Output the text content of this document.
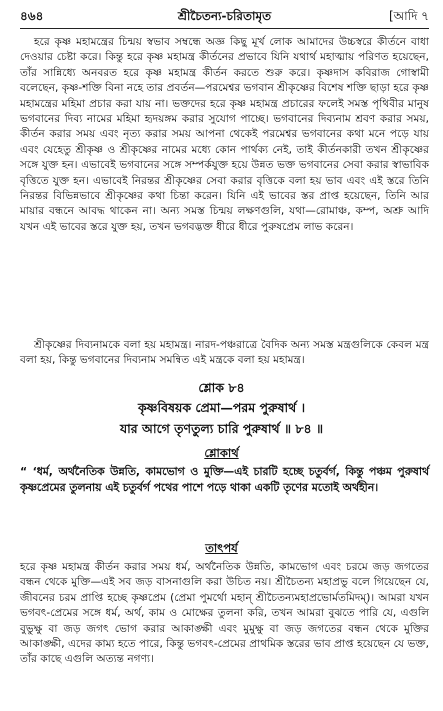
৪৬৪	শ্রীচৈতন্য-চরিতামৃত	[আদি ৭

হরে কৃষ্ণ মহামন্ত্রের চিন্ময় স্বভাব সম্বন্ধে অজ্ঞ কিছু মূর্খ লোক আমাদের উচ্চস্বরে কীর্তনে বাধা দেওয়ার চেষ্টা করে। কিন্তু হরে কৃষ্ণ মহামন্ত্র কীর্তনের প্রভাবে যিনি যথার্থ মহাত্মায় পরিণত হয়েছেন, তাঁর সান্নিধ্যে অনবরত হরে কৃষ্ণ মহামন্ত্র কীর্তন করতে শুরু করে। কৃষ্ণদাস কবিরাজ গোস্বামী বলেছেন, কৃষ্ণ-শক্তি বিনা নহে তার প্রবর্তন—পরমেশ্বর ভগবান শ্রীকৃষ্ণের বিশেষ শক্তি ছাড়া হরে কৃষ্ণ মহামন্ত্রের মহিমা প্রচার করা যায় না। ভক্তদের হরে কৃষ্ণ মহামন্ত্র প্রচারের ফলেই সমস্ত পৃথিবীর মানুষ ভগবানের দিব্য নামের মহিমা হৃদয়ঙ্গম করার সুযোগ পাচ্ছে। ভগবানের দিব্যনাম শ্রবণ করার সময়, কীর্তন করার সময় এবং নৃত্য করার সময় আপনা থেকেই পরমেশ্বর ভগবানের কথা মনে পড়ে যায় এবং যেহেতু শ্রীকৃষ্ণ ও শ্রীকৃষ্ণের নামের মধ্যে কোন পার্থক্য নেই, তাই কীর্তনকারী তখন শ্রীকৃষ্ণের সঙ্গে যুক্ত হন। এভাবেই ভগবানের সঙ্গে সম্পর্কযুক্ত হয়ে উন্নত ভক্ত ভগবানের সেবা করার স্বাভাবিক বৃত্তিতে যুক্ত হন। এভাবেই নিরন্তর শ্রীকৃষ্ণের সেবা করার বৃত্তিকে বলা হয় ভাব এবং এই স্তরে তিনি নিরন্তর বিভিন্নভাবে শ্রীকৃষ্ণের কথা চিন্তা করেন। যিনি এই ভাবের স্তর প্রাপ্ত হয়েছেন, তিনি আর মায়ার বন্ধনে আবদ্ধ থাকেন না। অন্য সমস্ত চিন্ময় লক্ষণগুলি, যথা—রোমাঞ্চ, কম্প, অশ্রু আদি যখন এই ভাবের স্তরে যুক্ত হয়, তখন ভগবদ্ভক্ত ধীরে ধীরে পুরুষপ্রেম লাভ করেন।

শ্রীকৃষ্ণের দিব্যনামকে বলা হয় মহামন্ত্র। নারদ-পঞ্চরাত্রে বৈদিক অন্য সমস্ত মন্ত্রগুলিকে কেবল মন্ত্র বলা হয়, কিন্তু ভগবানের দিব্যনাম সমন্বিত এই মন্ত্রকে বলা হয় মহামন্ত্র।

শ্লোক ৮৪
কৃষ্ণবিষয়ক প্রেমা—পরম পুরুষার্থ ।
যার আগে তৃণতুল্য চারি পুরুষার্থ ॥ ৮৪ ॥
শ্লোকার্থ

“ ‘ধর্ম, অর্থনৈতিক উন্নতি, কামভোগ ও মুক্তি—এই চারটি হচ্ছে চতুর্বর্গ, কিন্তু পঞ্চম পুরুষার্থ কৃষ্ণপ্রেমের তুলনায় এই চতুর্বর্গ পথের পাশে পড়ে থাকা একটি তৃণের মতোই অর্থহীন।

তাৎপর্য

হরে কৃষ্ণ মহামন্ত্র কীর্তন করার সময় ধর্ম, অর্থনৈতিক উন্নতি, কামভোগ এবং চরমে জড় জগতের বন্ধন থেকে মুক্তি—এই সব জড় বাসনাগুলি করা উচিত নয়। শ্রীচৈতন্য মহাপ্রভু বলে গিয়েছেন যে, জীবনের চরম প্রাপ্তি হচ্ছে কৃষ্ণপ্রেম (প্রেমা পুমর্থো মহান্ শ্রীচৈতন্যমহাপ্রভোর্মতমিদম্)। আমরা যখন ভগবৎ-প্রেমের সঙ্গে ধর্ম, অর্থ, কাম ও মোক্ষের তুলনা করি, তখন আমরা বুঝতে পারি যে, এগুলি বুভুক্ষু বা জড় জগৎ ভোগ করার আকাঙ্ক্ষী এবং মুমুক্ষু বা জড় জগতের বন্ধন থেকে মুক্তির আকাঙ্ক্ষী, এদের কাম্য হতে পারে, কিন্তু ভগবৎ-প্রেমের প্রাথমিক স্তরের ভাব প্রাপ্ত হয়েছেন যে ভক্ত, তাঁর কাছে এগুলি অত্যন্ত নগণ্য।
